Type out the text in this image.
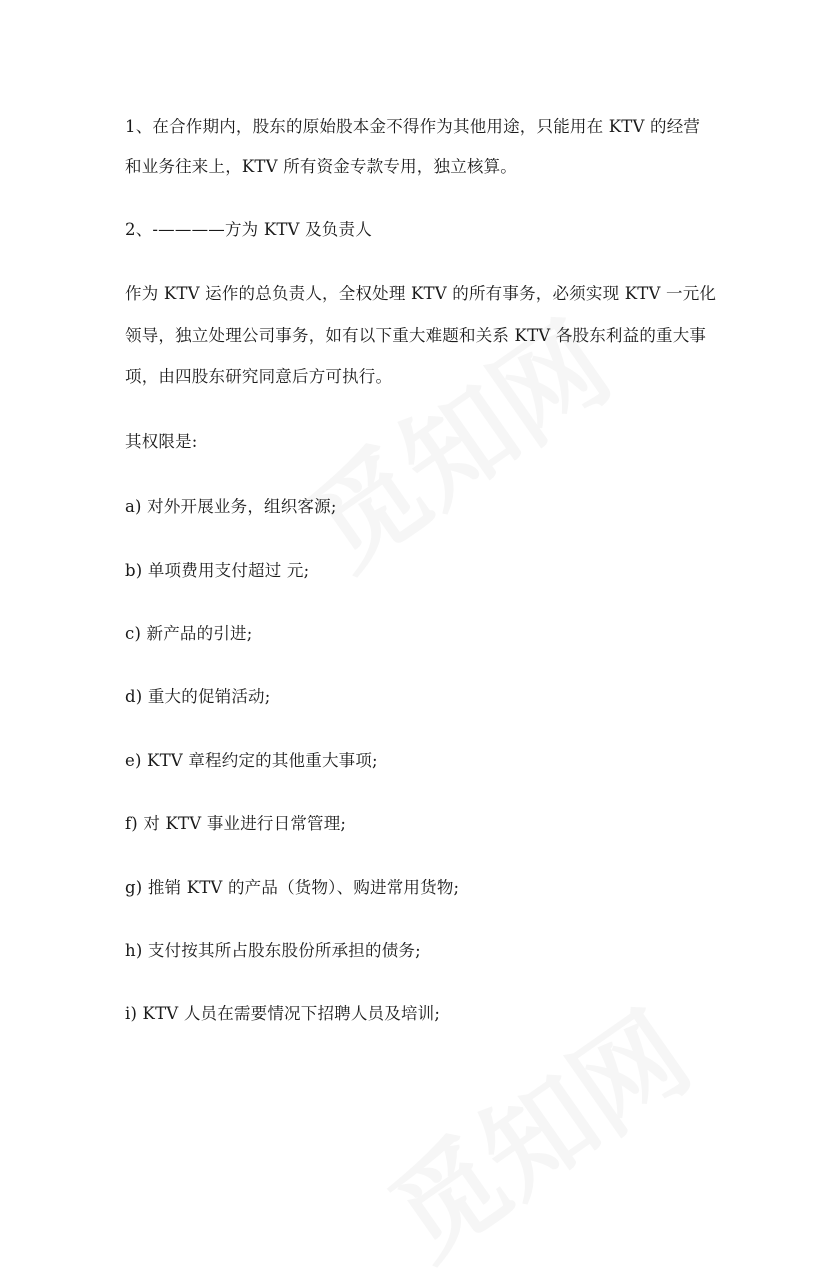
1、在合作期内，股东的原始股本金不得作为其他用途，只能用在 KTV 的经营
和业务往来上，KTV 所有资金专款专用，独立核算。
2、-————方为 KTV 及负责人
作为 KTV 运作的总负责人，全权处理 KTV 的所有事务，必须实现 KTV 一元化
领导，独立处理公司事务，如有以下重大难题和关系 KTV 各股东利益的重大事
项，由四股东研究同意后方可执行。
其权限是:
a) 对外开展业务，组织客源;
b) 单项费用支付超过 元;
c) 新产品的引进;
d) 重大的促销活动;
e) KTV 章程约定的其他重大事项;
f) 对 KTV 事业进行日常管理;
g) 推销 KTV 的产品（货物）、购进常用货物;
h) 支付按其所占股东股份所承担的债务;
i) KTV 人员在需要情况下招聘人员及培训;
